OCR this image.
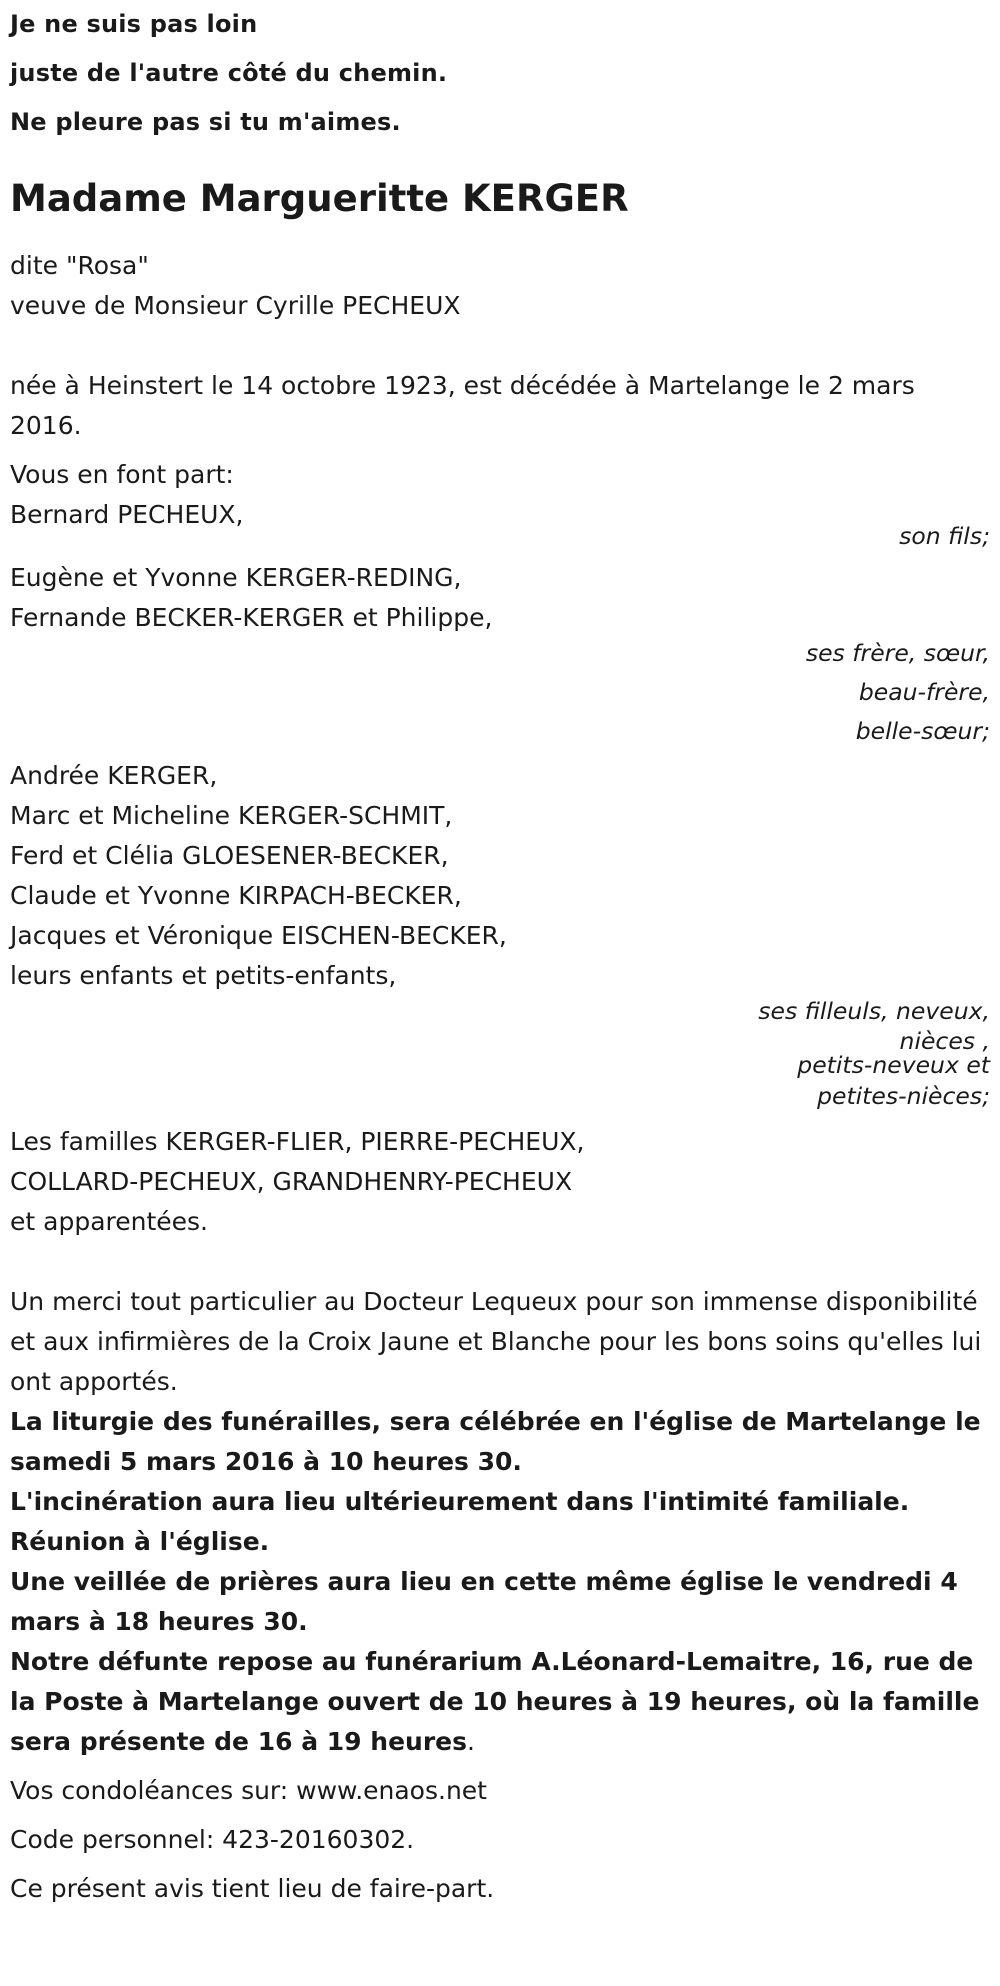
Je ne suis pas loin

juste de l'autre côté du chemin.

Ne pleure pas si tu m'aimes.

Madame Margueritte KERGER
dite "Rosa"
veuve de Monsieur Cyrille PECHEUX
née à Heinstert le 14 octobre 1923, est décédée à Martelange le 2 mars 2016.
Vous en font part:
Bernard PECHEUX,
son fils;
Eugène et Yvonne KERGER-REDING,
Fernande BECKER-KERGER et Philippe,
ses frère, sœur,
beau-frère,
belle-sœur;
Andrée KERGER,
Marc et Micheline KERGER-SCHMIT,
Ferd et Clélia GLOESENER-BECKER,
Claude et Yvonne KIRPACH-BECKER,
Jacques et Véronique EISCHEN-BECKER,
leurs enfants et petits-enfants,
ses filleuls, neveux,
nièces ,
petits-neveux et
petites-nièces;
Les familles KERGER-FLIER, PIERRE-PECHEUX,
COLLARD-PECHEUX, GRANDHENRY-PECHEUX
et apparentées.
Un merci tout particulier au Docteur Lequeux pour son immense disponibilité et aux infirmières de la Croix Jaune et Blanche pour les bons soins qu'elles lui ont apportés.

La liturgie des funérailles, sera célébrée en l'église de Martelange le samedi 5 mars 2016 à 10 heures 30.

L'incinération aura lieu ultérieurement dans l'intimité familiale.

Réunion à l'église.

Une veillée de prières aura lieu en cette même église le vendredi 4 mars à 18 heures 30.

Notre défunte repose au funérarium A.Léonard-Lemaitre, 16, rue de la Poste à Martelange ouvert de 10 heures à 19 heures, où la famille sera présente de 16 à 19 heures.

Vos condoléances sur: www.enaos.net

Code personnel: 423-20160302.

Ce présent avis tient lieu de faire-part.
